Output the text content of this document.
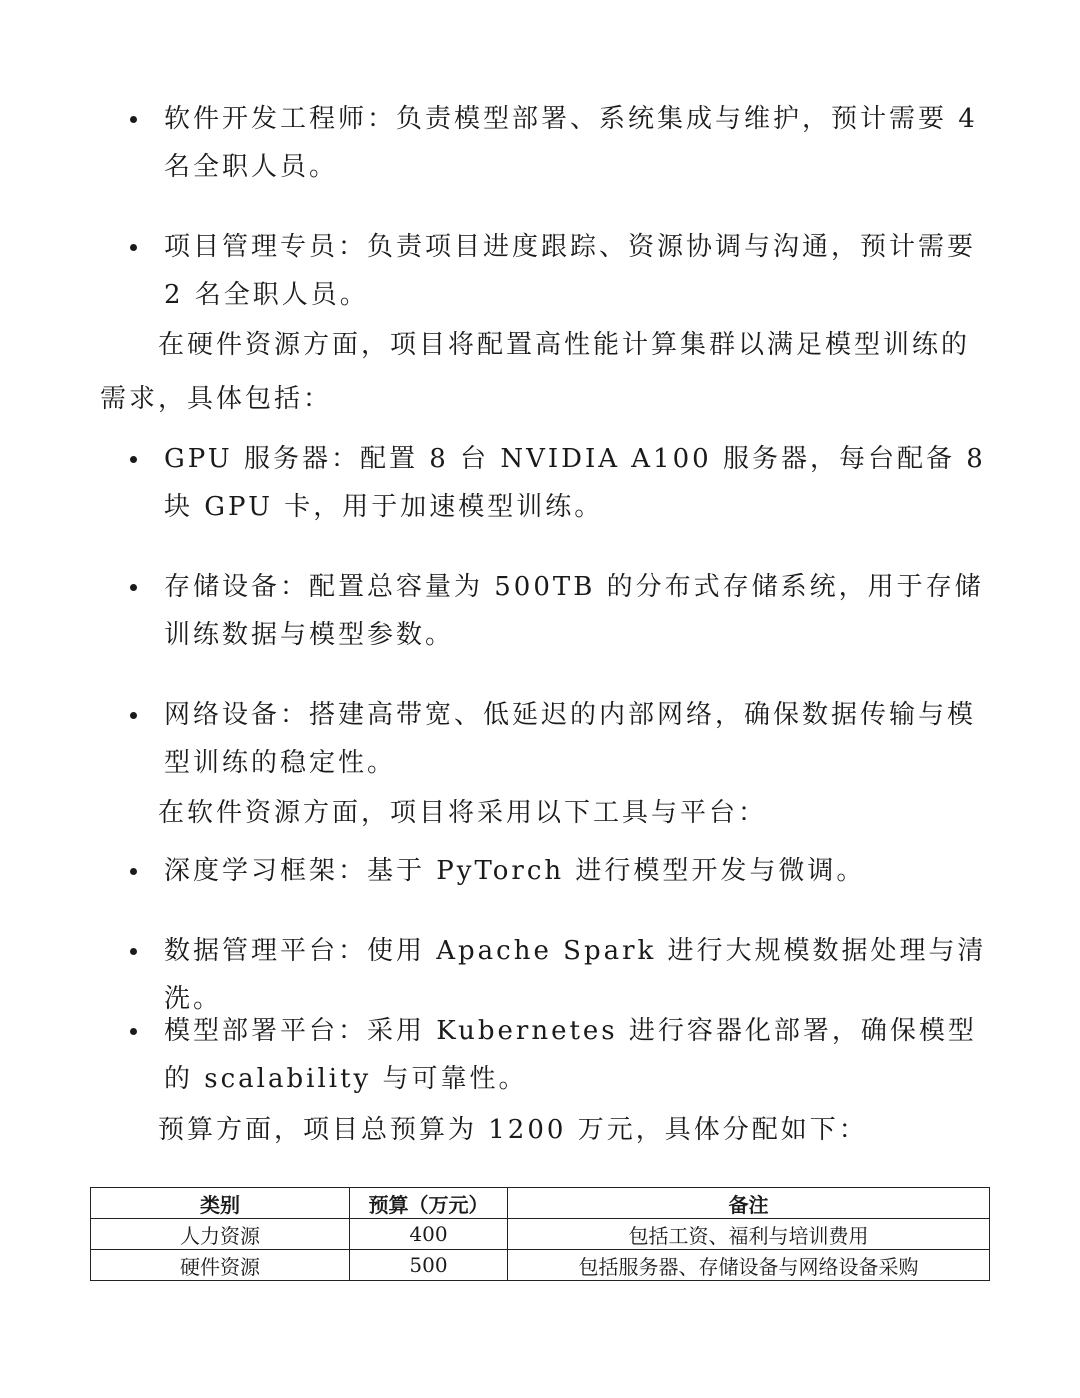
软件开发工程师：负责模型部署、系统集成与维护，预计需要 4 名全职人员。
项目管理专员：负责项目进度跟踪、资源协调与沟通，预计需要 2 名全职人员。
在硬件资源方面，项目将配置高性能计算集群以满足模型训练的需求，具体包括：
GPU 服务器：配置 8 台 NVIDIA A100 服务器，每台配备 8 块 GPU 卡，用于加速模型训练。
存储设备：配置总容量为 500TB 的分布式存储系统，用于存储训练数据与模型参数。
网络设备：搭建高带宽、低延迟的内部网络，确保数据传输与模型训练的稳定性。
在软件资源方面，项目将采用以下工具与平台：
深度学习框架：基于 PyTorch 进行模型开发与微调。
数据管理平台：使用 Apache Spark 进行大规模数据处理与清洗。
模型部署平台：采用 Kubernetes 进行容器化部署，确保模型的 scalability 与可靠性。
预算方面，项目总预算为 1200 万元，具体分配如下：
类别	预算（万元）	备注
人力资源	400	包括工资、福利与培训费用
硬件资源	500	包括服务器、存储设备与网络设备采购
